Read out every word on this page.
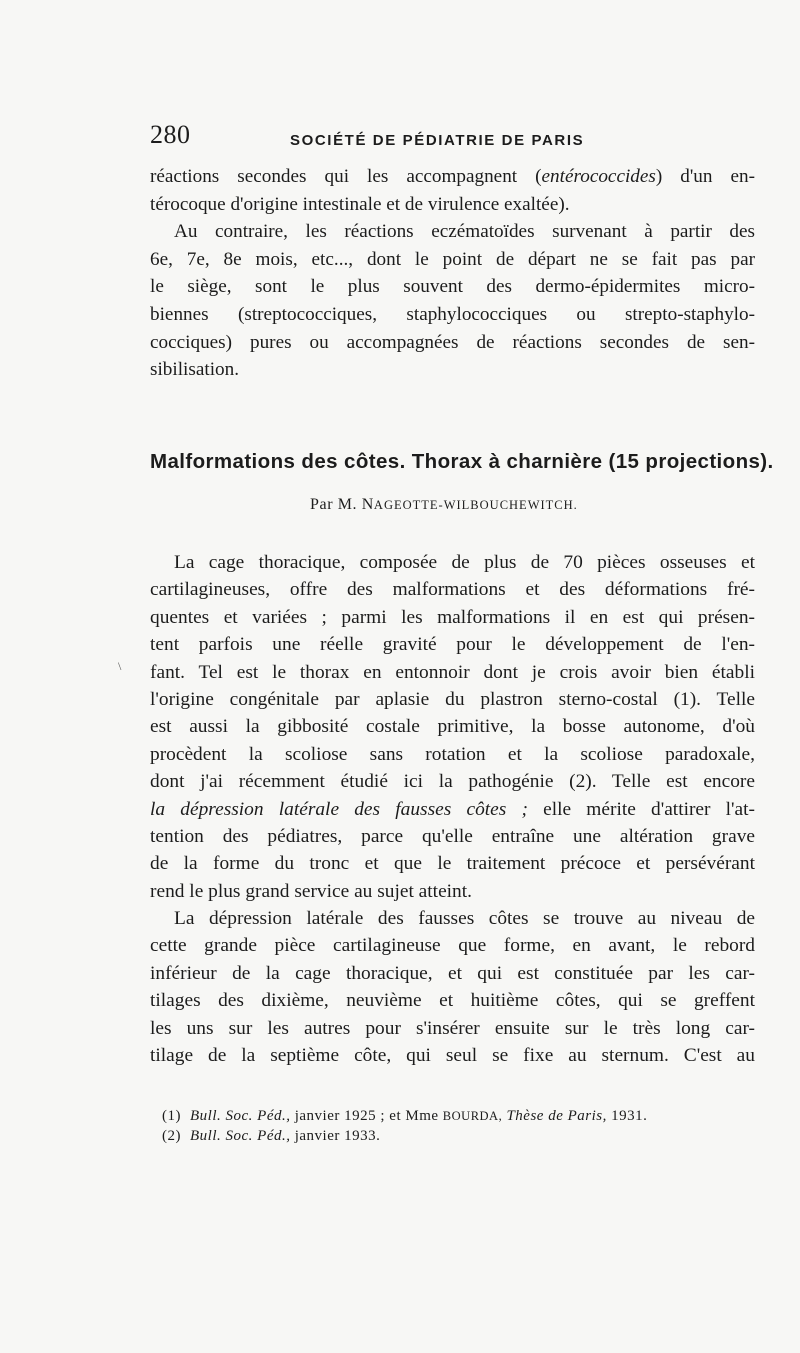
280	SOCIÉTÉ DE PÉDIATRIE DE PARIS
réactions secondes qui les accompagnent (entérococcides) d'un en-
térocoque d'origine intestinale et de virulence exaltée).
Au contraire, les réactions eczématoïdes survenant à partir des
6e, 7e, 8e mois, etc..., dont le point de départ ne se fait pas par
le siège, sont le plus souvent des dermo-épidermites micro-
biennes (streptococciques, staphylococciques ou strepto-staphylo-
cocciques) pures ou accompagnées de réactions secondes de sen-
sibilisation.
Malformations des côtes. Thorax à charnière (15 projections).
Par M. NAGEOTTE-WILBOUCHEWITCH.
\
La cage thoracique, composée de plus de 70 pièces osseuses et
cartilagineuses, offre des malformations et des déformations fré-
quentes et variées ; parmi les malformations il en est qui présen-
tent parfois une réelle gravité pour le développement de l'en-
fant. Tel est le thorax en entonnoir dont je crois avoir bien établi
l'origine congénitale par aplasie du plastron sterno-costal (1). Telle
est aussi la gibbosité costale primitive, la bosse autonome, d'où
procèdent la scoliose sans rotation et la scoliose paradoxale,
dont j'ai récemment étudié ici la pathogénie (2). Telle est encore
la dépression latérale des fausses côtes ; elle mérite d'attirer l'at-
tention des pédiatres, parce qu'elle entraîne une altération grave
de la forme du tronc et que le traitement précoce et persévérant
rend le plus grand service au sujet atteint.
La dépression latérale des fausses côtes se trouve au niveau de
cette grande pièce cartilagineuse que forme, en avant, le rebord
inférieur de la cage thoracique, et qui est constituée par les car-
tilages des dixième, neuvième et huitième côtes, qui se greffent
les uns sur les autres pour s'insérer ensuite sur le très long car-
tilage de la septième côte, qui seul se fixe au sternum. C'est au
(1) Bull. Soc. Péd., janvier 1925 ; et Mme BOURDA, Thèse de Paris, 1931.
(2) Bull. Soc. Péd., janvier 1933.
